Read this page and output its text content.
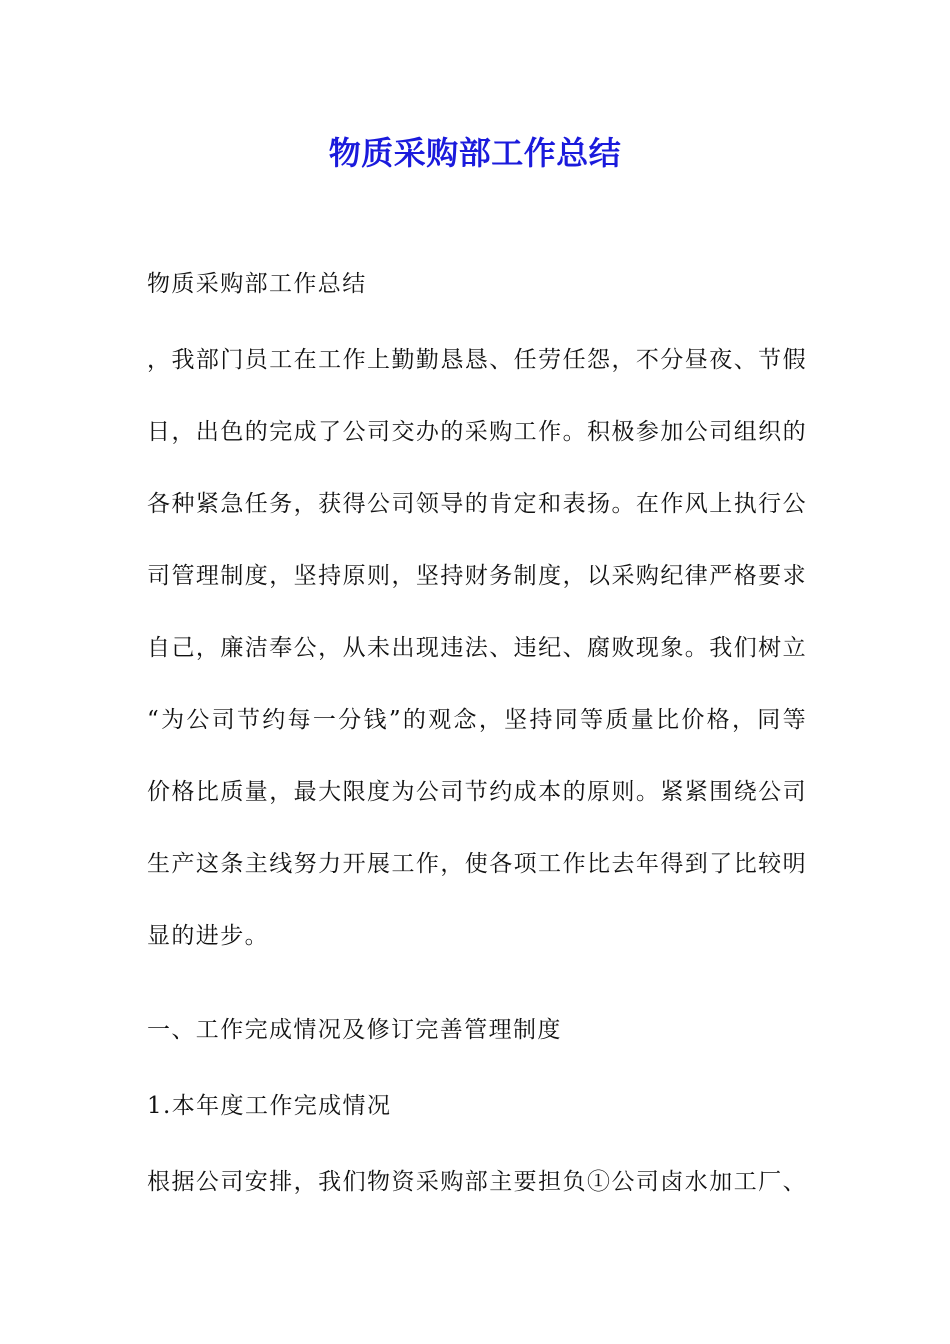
物质采购部工作总结
物质采购部工作总结
，我部门员工在工作上勤勤恳恳、任劳任怨，不分昼夜、节假
日，出色的完成了公司交办的采购工作。积极参加公司组织的
各种紧急任务，获得公司领导的肯定和表扬。在作风上执行公
司管理制度，坚持原则，坚持财务制度，以采购纪律严格要求
自己，廉洁奉公，从未出现违法、违纪、腐败现象。我们树立
“为公司节约每一分钱”的观念，坚持同等质量比价格，同等
价格比质量，最大限度为公司节约成本的原则。紧紧围绕公司
生产这条主线努力开展工作，使各项工作比去年得到了比较明
显的进步。
一、工作完成情况及修订完善管理制度
1.本年度工作完成情况
根据公司安排，我们物资采购部主要担负①公司卤水加工厂、
